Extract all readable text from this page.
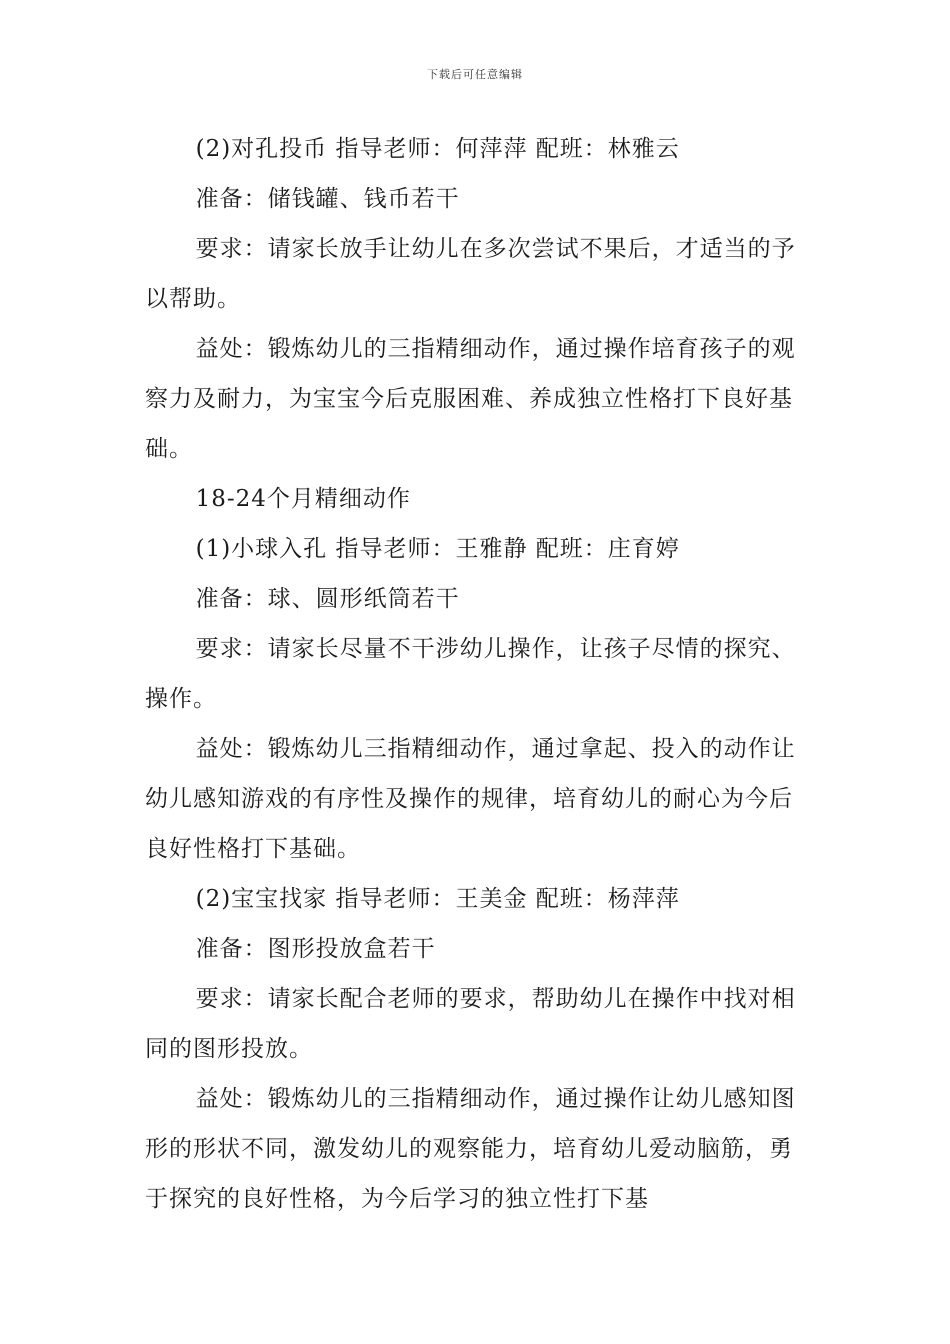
下载后可任意编辑

(2)对孔投币 指导老师：何萍萍 配班：林雅云

准备：储钱罐、钱币若干

要求：请家长放手让幼儿在多次尝试不果后，才适当的予以帮助。

益处：锻炼幼儿的三指精细动作，通过操作培育孩子的观察力及耐力，为宝宝今后克服困难、养成独立性格打下良好基础。

18-24个月精细动作

(1)小球入孔 指导老师：王雅静 配班：庄育婷

准备：球、圆形纸筒若干

要求：请家长尽量不干涉幼儿操作，让孩子尽情的探究、操作。

益处：锻炼幼儿三指精细动作，通过拿起、投入的动作让幼儿感知游戏的有序性及操作的规律，培育幼儿的耐心为今后良好性格打下基础。

(2)宝宝找家 指导老师：王美金 配班：杨萍萍

准备：图形投放盒若干

要求：请家长配合老师的要求，帮助幼儿在操作中找对相同的图形投放。

益处：锻炼幼儿的三指精细动作，通过操作让幼儿感知图形的形状不同，激发幼儿的观察能力，培育幼儿爱动脑筋，勇于探究的良好性格，为今后学习的独立性打下基
